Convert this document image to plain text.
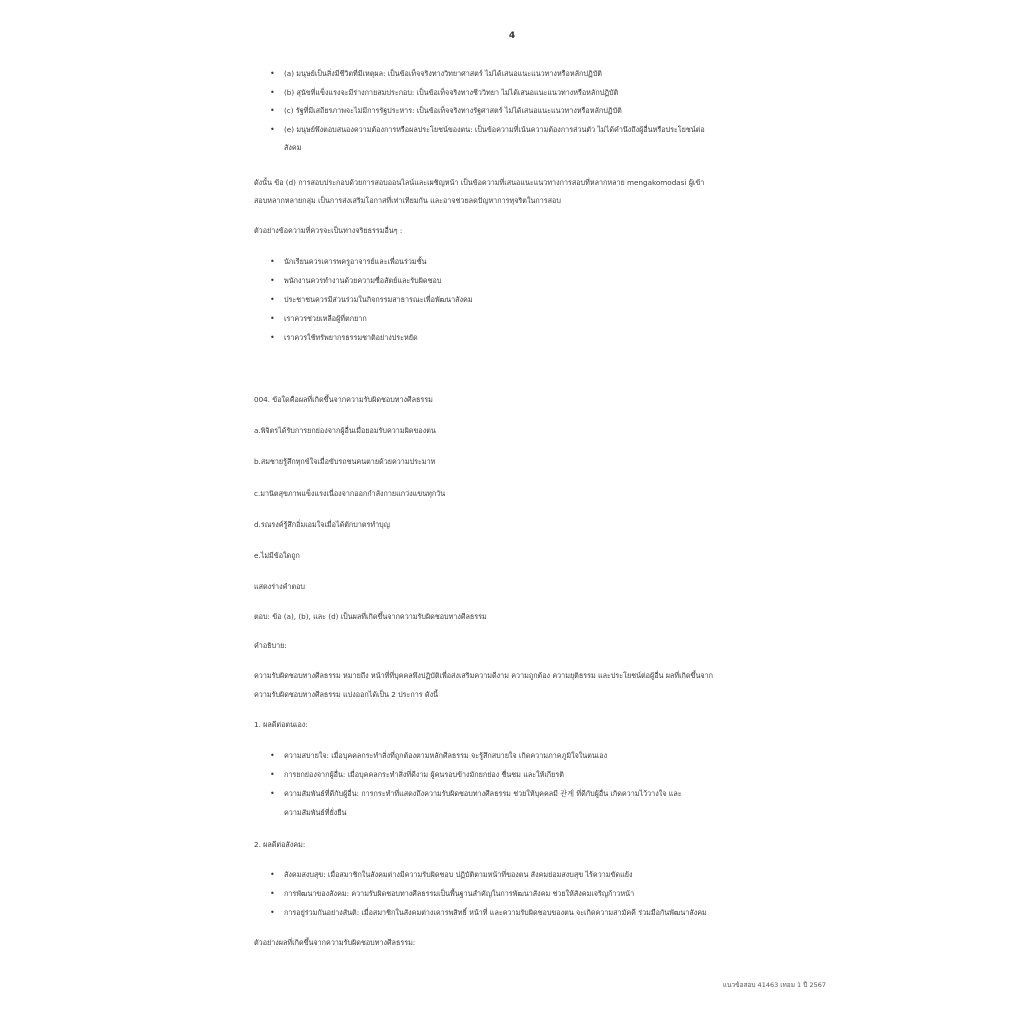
4
• (a) มนุษย์เป็นสิ่งมีชีวิตที่มีเหตุผล: เป็นข้อเท็จจริงทางวิทยาศาสตร์ ไม่ได้เสนอแนะแนวทางหรือหลักปฏิบัติ
• (b) สุนัขที่แข็งแรงจะมีร่างกายสมประกอบ: เป็นข้อเท็จจริงทางชีววิทยา ไม่ได้เสนอแนะแนวทางหรือหลักปฏิบัติ
• (c) รัฐที่มีเสถียรภาพจะไม่มีการรัฐประหาร: เป็นข้อเท็จจริงทางรัฐศาสตร์ ไม่ได้เสนอแนะแนวทางหรือหลักปฏิบัติ
• (e) มนุษย์พึงตอบสนองความต้องการหรือผลประโยชน์ของตน: เป็นข้อความที่เน้นความต้องการส่วนตัว ไม่ได้คำนึงถึงผู้อื่นหรือประโยชน์ต่อ
สังคม
ดังนั้น ข้อ (d) การสอบประกอบด้วยการสอบออนไลน์และเผชิญหน้า เป็นข้อความที่เสนอแนะแนวทางการสอบที่หลากหลาย mengakomodasi ผู้เข้า
สอบหลากหลายกลุ่ม เป็นการส่งเสริมโอกาสที่เท่าเทียมกัน และอาจช่วยลดปัญหาการทุจริตในการสอบ
ตัวอย่างข้อความที่ควรจะเป็นทางจริยธรรมอื่นๆ :
• นักเรียนควรเคารพครูอาจารย์และเพื่อนร่วมชั้น
• พนักงานควรทำงานด้วยความซื่อสัตย์และรับผิดชอบ
• ประชาชนควรมีส่วนร่วมในกิจกรรมสาธารณะเพื่อพัฒนาสังคม
• เราควรช่วยเหลือผู้ที่ตกยาก
• เราควรใช้ทรัพยากรธรรมชาติอย่างประหยัด
004. ข้อใดคือผลที่เกิดขึ้นจากความรับผิดชอบทางศีลธรรม
a.พิจิตรได้รับการยกย่องจากผู้อื่นเมื่อยอมรับความผิดของตน
b.สมชายรู้สึกทุกข์ใจเมื่อขับรถชนคนตายด้วยความประมาท
c.มานิตสุขภาพแข็งแรงเนื่องจากออกกำลังกายแกว่งแขนทุกวัน
d.รณรงค์รู้สึกอิ่มเอมใจเมื่อได้ตักบาตรทำบุญ
e.ไม่มีข้อใดถูก
แสดงร่างคำตอบ
ตอบ: ข้อ (a), (b), และ (d) เป็นผลที่เกิดขึ้นจากความรับผิดชอบทางศีลธรรม
คำอธิบาย:
ความรับผิดชอบทางศีลธรรม หมายถึง หน้าที่ที่บุคคลพึงปฏิบัติเพื่อส่งเสริมความดีงาม ความถูกต้อง ความยุติธรรม และประโยชน์ต่อผู้อื่น ผลที่เกิดขึ้นจาก
ความรับผิดชอบทางศีลธรรม แบ่งออกได้เป็น 2 ประการ ดังนี้
1. ผลดีต่อตนเอง:
• ความสบายใจ: เมื่อบุคคลกระทำสิ่งที่ถูกต้องตามหลักศีลธรรม จะรู้สึกสบายใจ เกิดความภาคภูมิใจในตนเอง
• การยกย่องจากผู้อื่น: เมื่อบุคคลกระทำสิ่งที่ดีงาม ผู้คนรอบข้างมักยกย่อง ชื่นชม และให้เกียรติ
• ความสัมพันธ์ที่ดีกับผู้อื่น: การกระทำที่แสดงถึงความรับผิดชอบทางศีลธรรม ช่วยให้บุคคลมี 관계 ที่ดีกับผู้อื่น เกิดความไว้วางใจ และ
ความสัมพันธ์ที่ยั่งยืน
2. ผลดีต่อสังคม:
• สังคมสงบสุข: เมื่อสมาชิกในสังคมต่างมีความรับผิดชอบ ปฏิบัติตามหน้าที่ของตน สังคมย่อมสงบสุข ไร้ความขัดแย้ง
• การพัฒนาของสังคม: ความรับผิดชอบทางศีลธรรมเป็นพื้นฐานสำคัญในการพัฒนาสังคม ช่วยให้สังคมเจริญก้าวหน้า
• การอยู่ร่วมกันอย่างสันติ: เมื่อสมาชิกในสังคมต่างเคารพสิทธิ์ หน้าที่ และความรับผิดชอบของตน จะเกิดความสามัคคี ร่วมมือกันพัฒนาสังคม
ตัวอย่างผลที่เกิดขึ้นจากความรับผิดชอบทางศีลธรรม:
แนวข้อสอบ 41463 เทอม 1 ปี 2567
